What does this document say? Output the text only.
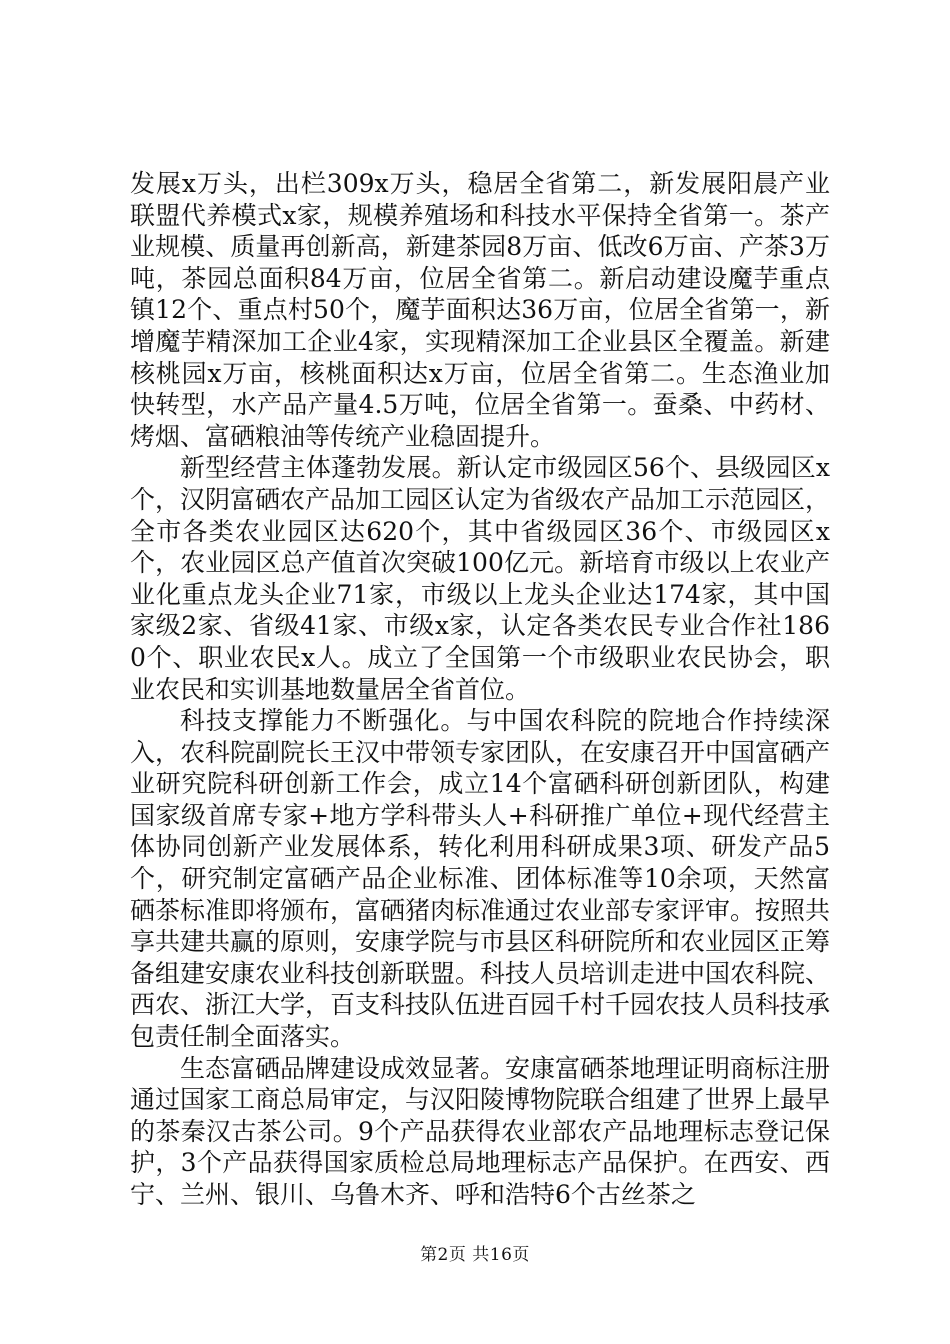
发展x万头，出栏309x万头，稳居全省第二，新发展阳晨产业联盟代养模式x家，规模养殖场和科技水平保持全省第一。茶产业规模、质量再创新高，新建茶园8万亩、低改6万亩、产茶3万吨，茶园总面积84万亩，位居全省第二。新启动建设魔芋重点镇12个、重点村50个，魔芋面积达36万亩，位居全省第一，新增魔芋精深加工企业4家，实现精深加工企业县区全覆盖。新建核桃园x万亩，核桃面积达x万亩，位居全省第二。生态渔业加快转型，水产品产量4.5万吨，位居全省第一。蚕桑、中药材、烤烟、富硒粮油等传统产业稳固提升。

新型经营主体蓬勃发展。新认定市级园区56个、县级园区x个，汉阴富硒农产品加工园区认定为省级农产品加工示范园区，全市各类农业园区达620个，其中省级园区36个、市级园区x个，农业园区总产值首次突破100亿元。新培育市级以上农业产业化重点龙头企业71家，市级以上龙头企业达174家，其中国家级2家、省级41家、市级x家，认定各类农民专业合作社1860个、职业农民x人。成立了全国第一个市级职业农民协会，职业农民和实训基地数量居全省首位。

科技支撑能力不断强化。与中国农科院的院地合作持续深入，农科院副院长王汉中带领专家团队，在安康召开中国富硒产业研究院科研创新工作会，成立14个富硒科研创新团队，构建国家级首席专家+地方学科带头人+科研推广单位+现代经营主体协同创新产业发展体系，转化利用科研成果3项、研发产品5个，研究制定富硒产品企业标准、团体标准等10余项，天然富硒茶标准即将颁布，富硒猪肉标准通过农业部专家评审。按照共享共建共赢的原则，安康学院与市县区科研院所和农业园区正筹备组建安康农业科技创新联盟。科技人员培训走进中国农科院、西农、浙江大学，百支科技队伍进百园千村千园农技人员科技承包责任制全面落实。

生态富硒品牌建设成效显著。安康富硒茶地理证明商标注册通过国家工商总局审定，与汉阳陵博物院联合组建了世界上最早的茶秦汉古茶公司。9个产品获得农业部农产品地理标志登记保护，3个产品获得国家质检总局地理标志产品保护。在西安、西宁、兰州、银川、乌鲁木齐、呼和浩特6个古丝茶之

第2页 共16页
